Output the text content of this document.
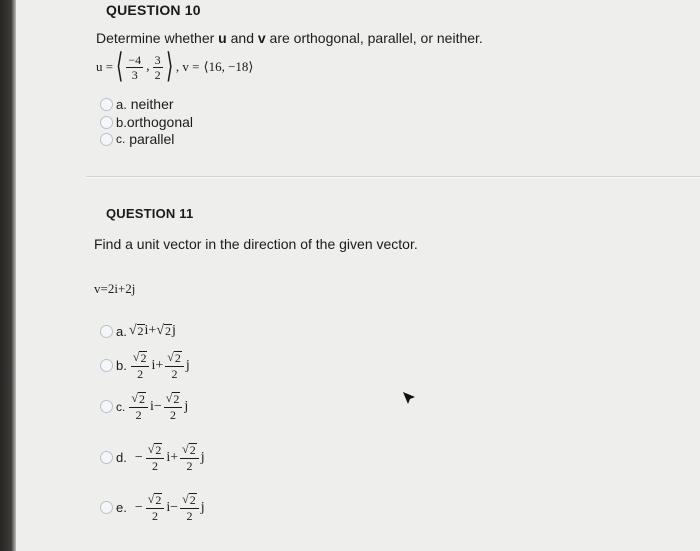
QUESTION 10
Determine whether u and v are orthogonal, parallel, or neither.
u = ⟨ $\frac{-4}{3}$ , $\frac{3}{2}$ ⟩ , v = ⟨16, −18⟩
a.
neither
b. orthogonal
c.
parallel
QUESTION 11
Find a unit vector in the direction of the given vector.
v=2i+2j
a. √ 2 i+ √ 2 j
b. $\frac{√ 2}{2} i+ \frac{√ 2}{2}$ j
c. $\frac{√ 2}{2} i- \frac{√ 2}{2}$ j
d. − $\frac{√ 2}{2} i+ \frac{√ 2}{2}$ j
e. − $\frac{√ 2}{2} i- \frac{√ 2}{2}$ j
